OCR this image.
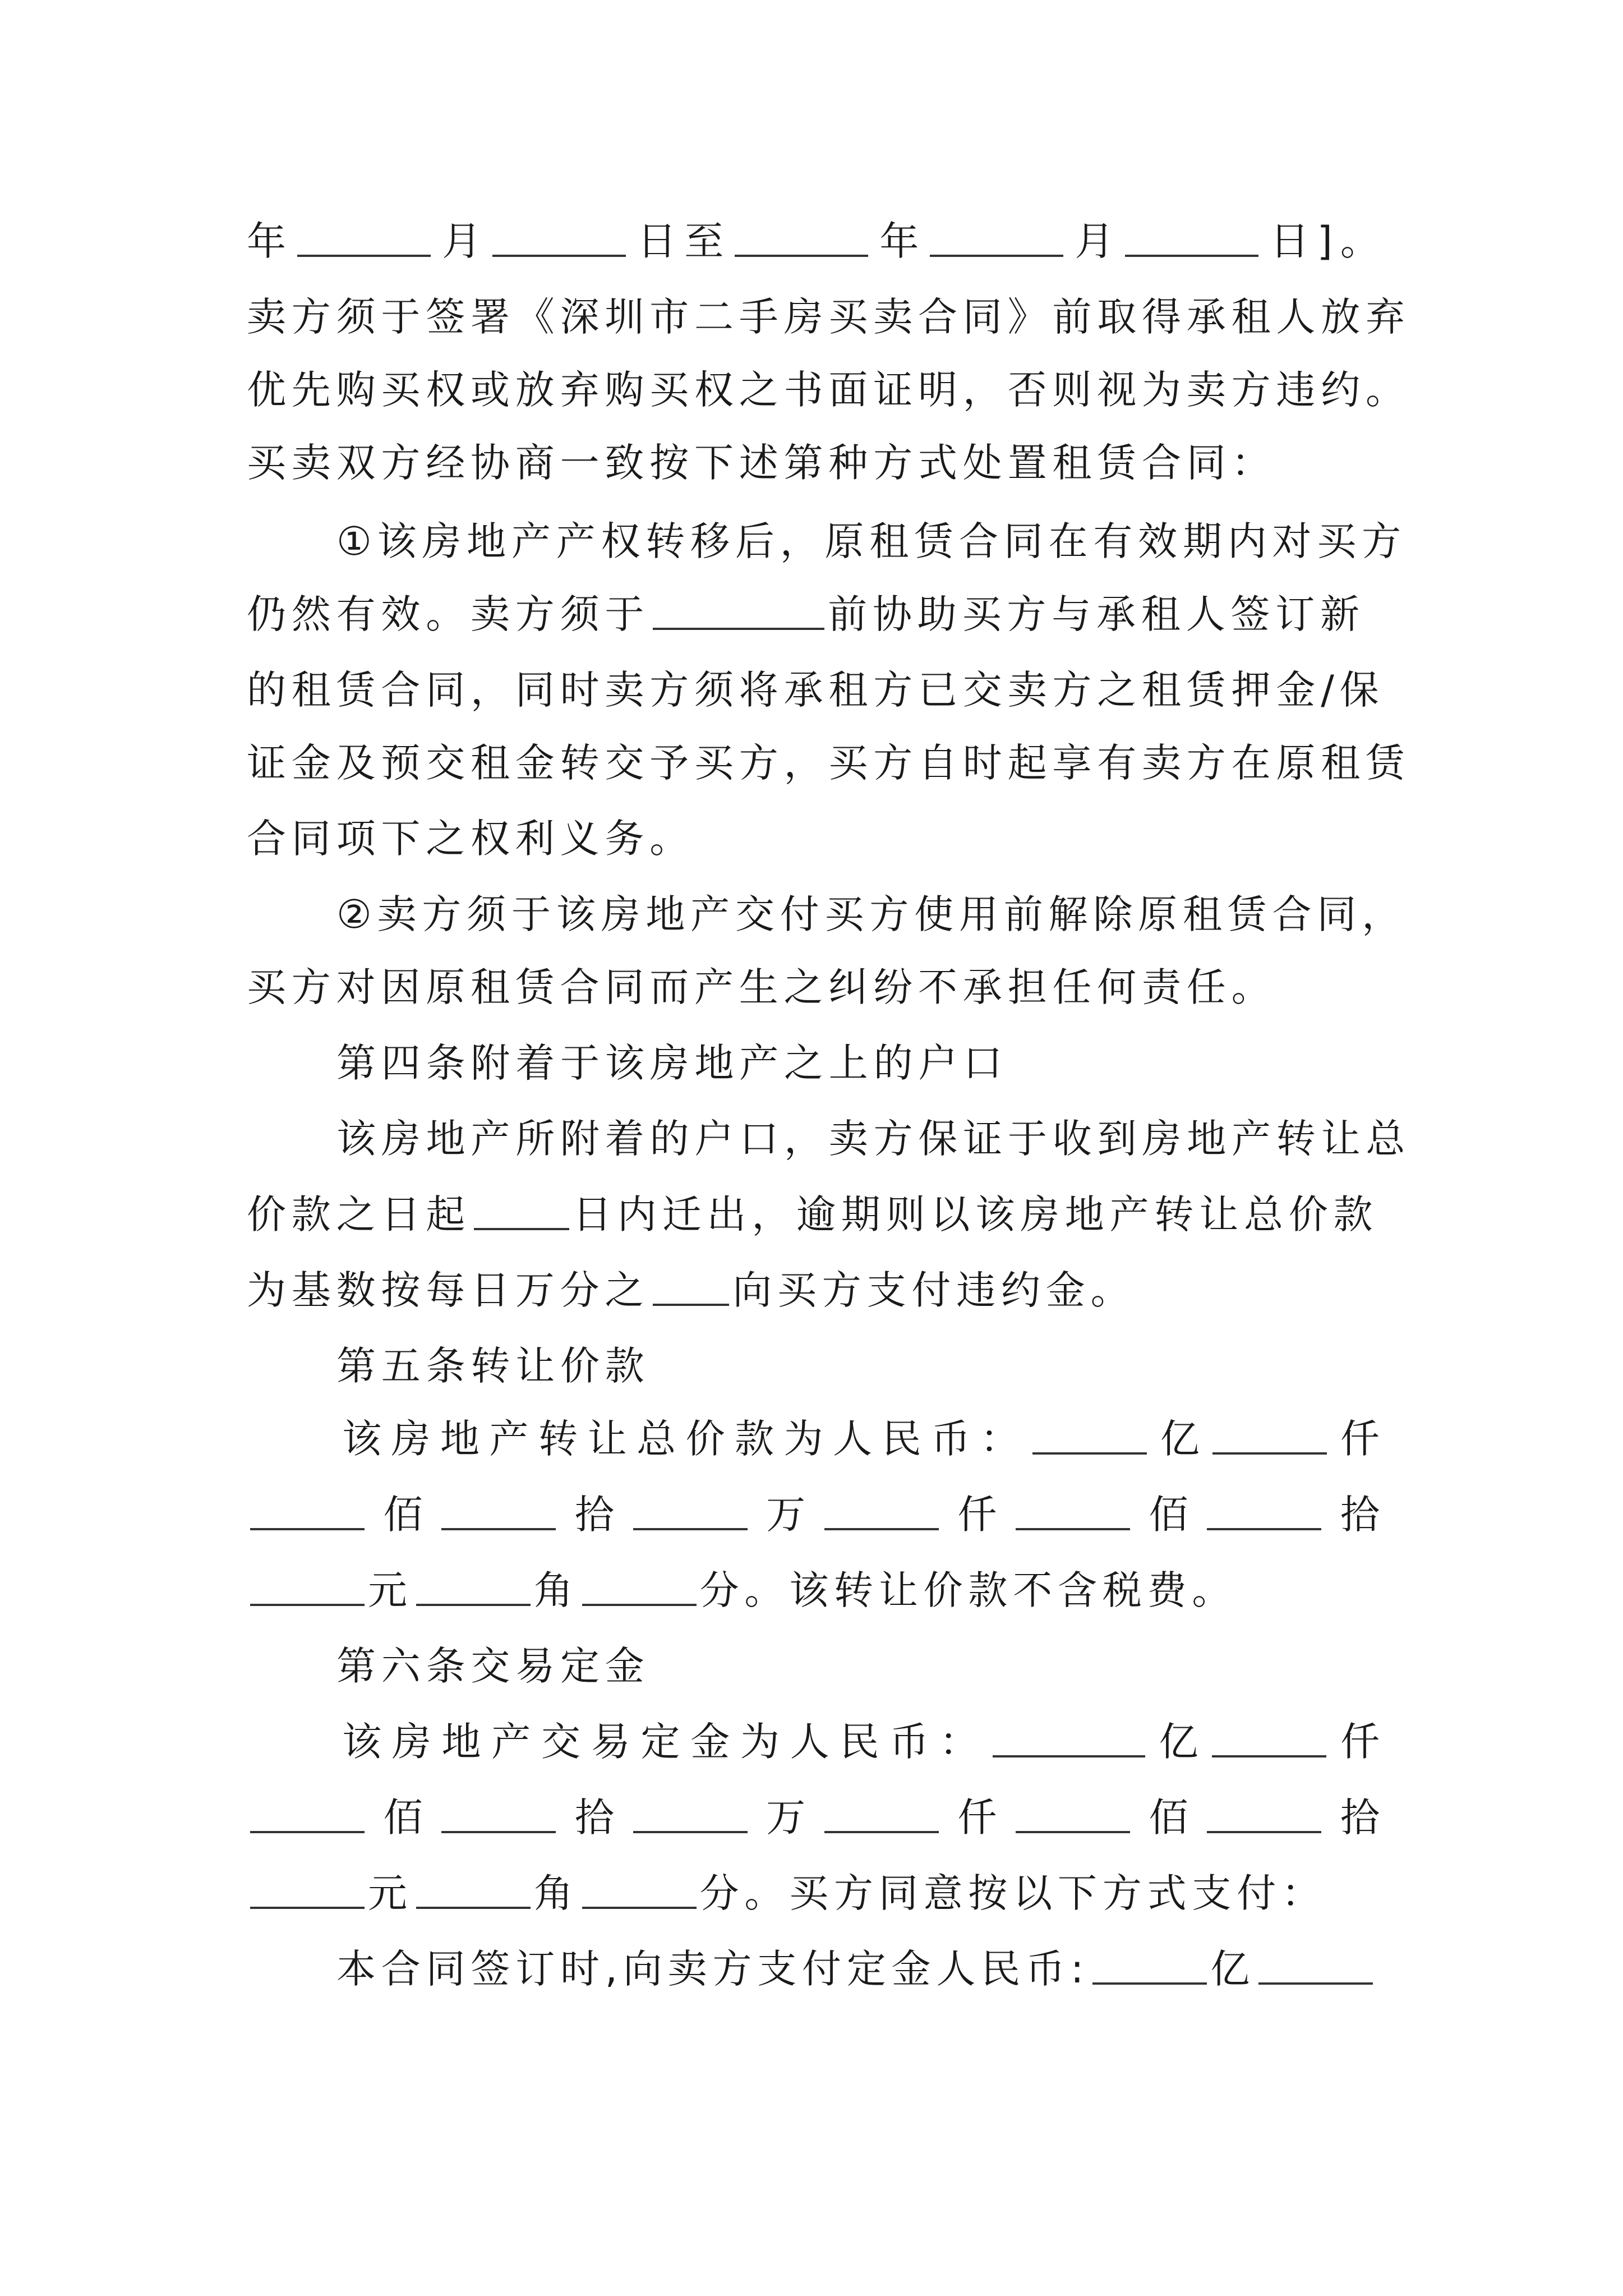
年	月	日 至	年	月	日 ] 。
卖方须于签署《深圳市二手房买卖合同》前取得承租人放弃
优先购买权或放弃购买权之书面证明，否则视为卖方违约。
买卖双方经协商一致按下述第种方式处置租赁合同：
①该房地产产权转移后，原租赁合同在有效期内对买方
仍然有效。卖方须于	前协助买方与承租人签订新
的租赁合同，同时卖方须将承租方已交卖方之租赁押金/保
证金及预交租金转交予买方，买方自时起享有卖方在原租赁
合同项下之权利义务。
②卖方须于该房地产交付买方使用前解除原租赁合同，
买方对因原租赁合同而产生之纠纷不承担任何责任。
第四条附着于该房地产之上的户口
该房地产所附着的户口，卖方保证于收到房地产转让总
价款之日起	日内迁出，逾期则以该房地产转让总价款
为基数按每日万分之 向买方支付违约金。
第五条转让价款
该 房 地 产 转 让 总 价 款 为 人 民 币 ：	亿	仟
佰	拾	万	仟	佰	拾
元	角	分。该转让价款不含税费。
第六条交易定金
该 房 地 产 交 易 定 金 为 人 民 币 ：	亿	仟
佰	拾	万	仟	佰	拾
元	角	分。买方同意按以下方式支付：
本合同签订时,向卖方支付定金人民币:	亿
